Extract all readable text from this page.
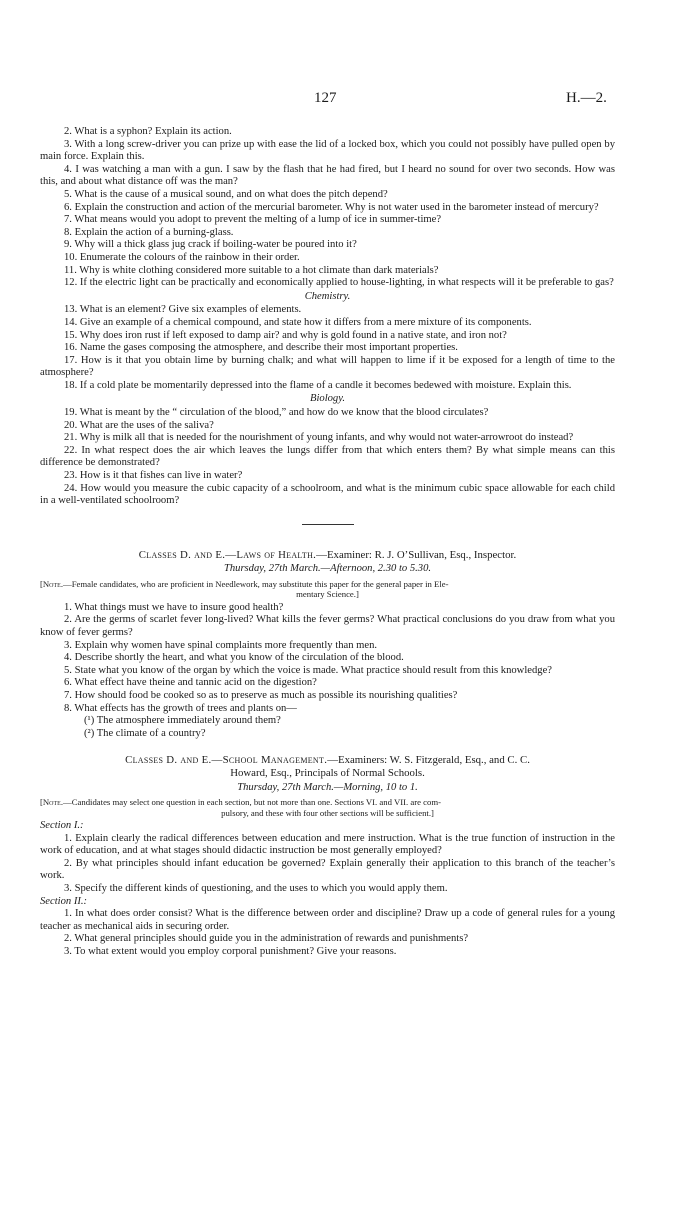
127	H.—2.

2. What is a syphon? Explain its action.

3. With a long screw-driver you can prize up with ease the lid of a locked box, which you could not possibly have pulled open by main force. Explain this.

4. I was watching a man with a gun. I saw by the flash that he had fired, but I heard no sound for over two seconds. How was this, and about what distance off was the man?

5. What is the cause of a musical sound, and on what does the pitch depend?

6. Explain the construction and action of the mercurial barometer. Why is not water used in the barometer instead of mercury?

7. What means would you adopt to prevent the melting of a lump of ice in summer-time?

8. Explain the action of a burning-glass.

9. Why will a thick glass jug crack if boiling-water be poured into it?

10. Enumerate the colours of the rainbow in their order.

11. Why is white clothing considered more suitable to a hot climate than dark materials?

12. If the electric light can be practically and economically applied to house-lighting, in what respects will it be preferable to gas?

Chemistry.

13. What is an element? Give six examples of elements.

14. Give an example of a chemical compound, and state how it differs from a mere mixture of its components.

15. Why does iron rust if left exposed to damp air? and why is gold found in a native state, and iron not?

16. Name the gases composing the atmosphere, and describe their most important properties.

17. How is it that you obtain lime by burning chalk; and what will happen to lime if it be exposed for a length of time to the atmosphere?

18. If a cold plate be momentarily depressed into the flame of a candle it becomes bedewed with moisture. Explain this.

Biology.

19. What is meant by the “ circulation of the blood,” and how do we know that the blood circulates?

20. What are the uses of the saliva?

21. Why is milk all that is needed for the nourishment of young infants, and why would not water-arrowroot do instead?

22. In what respect does the air which leaves the lungs differ from that which enters them? By what simple means can this difference be demonstrated?

23. How is it that fishes can live in water?

24. How would you measure the cubic capacity of a schoolroom, and what is the minimum cubic space allowable for each child in a well-ventilated schoolroom?

Classes D. and E.—Laws of Health.—Examiner: R. J. O’Sullivan, Esq., Inspector.

Thursday, 27th March.—Afternoon, 2.30 to 5.30.

[Note.—Female candidates, who are proficient in Needlework, may substitute this paper for the general paper in Ele-
mentary Science.]

1. What things must we have to insure good health?

2. Are the germs of scarlet fever long-lived? What kills the fever germs? What practical conclusions do you draw from what you know of fever germs?

3. Explain why women have spinal complaints more frequently than men.

4. Describe shortly the heart, and what you know of the circulation of the blood.

5. State what you know of the organ by which the voice is made. What practice should result from this knowledge?

6. What effect have theine and tannic acid on the digestion?

7. How should food be cooked so as to preserve as much as possible its nourishing qualities?

8. What effects has the growth of trees and plants on—

(¹) The atmosphere immediately around them?

(²) The climate of a country?

Classes D. and E.—School Management.—Examiners: W. S. Fitzgerald, Esq., and C. C.
Howard, Esq., Principals of Normal Schools.

Thursday, 27th March.—Morning, 10 to 1.

[Note.—Candidates may select one question in each section, but not more than one. Sections VI. and VII. are com-
pulsory, and these with four other sections will be sufficient.]

Section I.:

1. Explain clearly the radical differences between education and mere instruction. What is the true function of instruction in the work of education, and at what stages should didactic instruction be most generally employed?

2. By what principles should infant education be governed? Explain generally their application to this branch of the teacher’s work.

3. Specify the different kinds of questioning, and the uses to which you would apply them.

Section II.:

1. In what does order consist? What is the difference between order and discipline? Draw up a code of general rules for a young teacher as mechanical aids in securing order.

2. What general principles should guide you in the administration of rewards and punishments?

3. To what extent would you employ corporal punishment? Give your reasons.
